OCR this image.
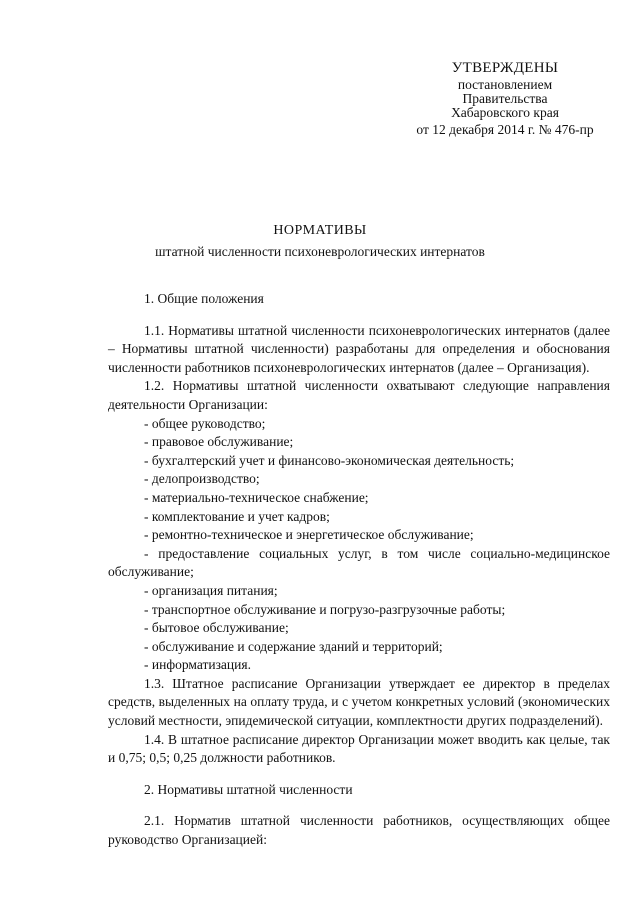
УТВЕРЖДЕНЫ
постановлением
Правительства
Хабаровского края
от 12 декабря 2014 г. № 476-пр
НОРМАТИВЫ
штатной численности психоневрологических интернатов

1. Общие положения

1.1. Нормативы штатной численности психоневрологических интернатов (далее – Нормативы штатной численности) разработаны для определения и обоснования численности работников психоневрологических интернатов (далее – Организация).

1.2. Нормативы штатной численности охватывают следующие направления деятельности Организации:

- общее руководство;

- правовое обслуживание;

- бухгалтерский учет и финансово-экономическая деятельность;

- делопроизводство;

- материально-техническое снабжение;

- комплектование и учет кадров;

- ремонтно-техническое и энергетическое обслуживание;

- предоставление социальных услуг, в том числе социально-медицинское обслуживание;

- организация питания;

- транспортное обслуживание и погрузо-разгрузочные работы;

- бытовое обслуживание;

- обслуживание и содержание зданий и территорий;

- информатизация.

1.3. Штатное расписание Организации утверждает ее директор в пределах средств, выделенных на оплату труда, и с учетом конкретных условий (экономических условий местности, эпидемической ситуации, комплектности других подразделений).

1.4. В штатное расписание директор Организации может вводить как целые, так и 0,75; 0,5; 0,25 должности работников.

2. Нормативы штатной численности

2.1. Норматив штатной численности работников, осуществляющих общее руководство Организацией:
